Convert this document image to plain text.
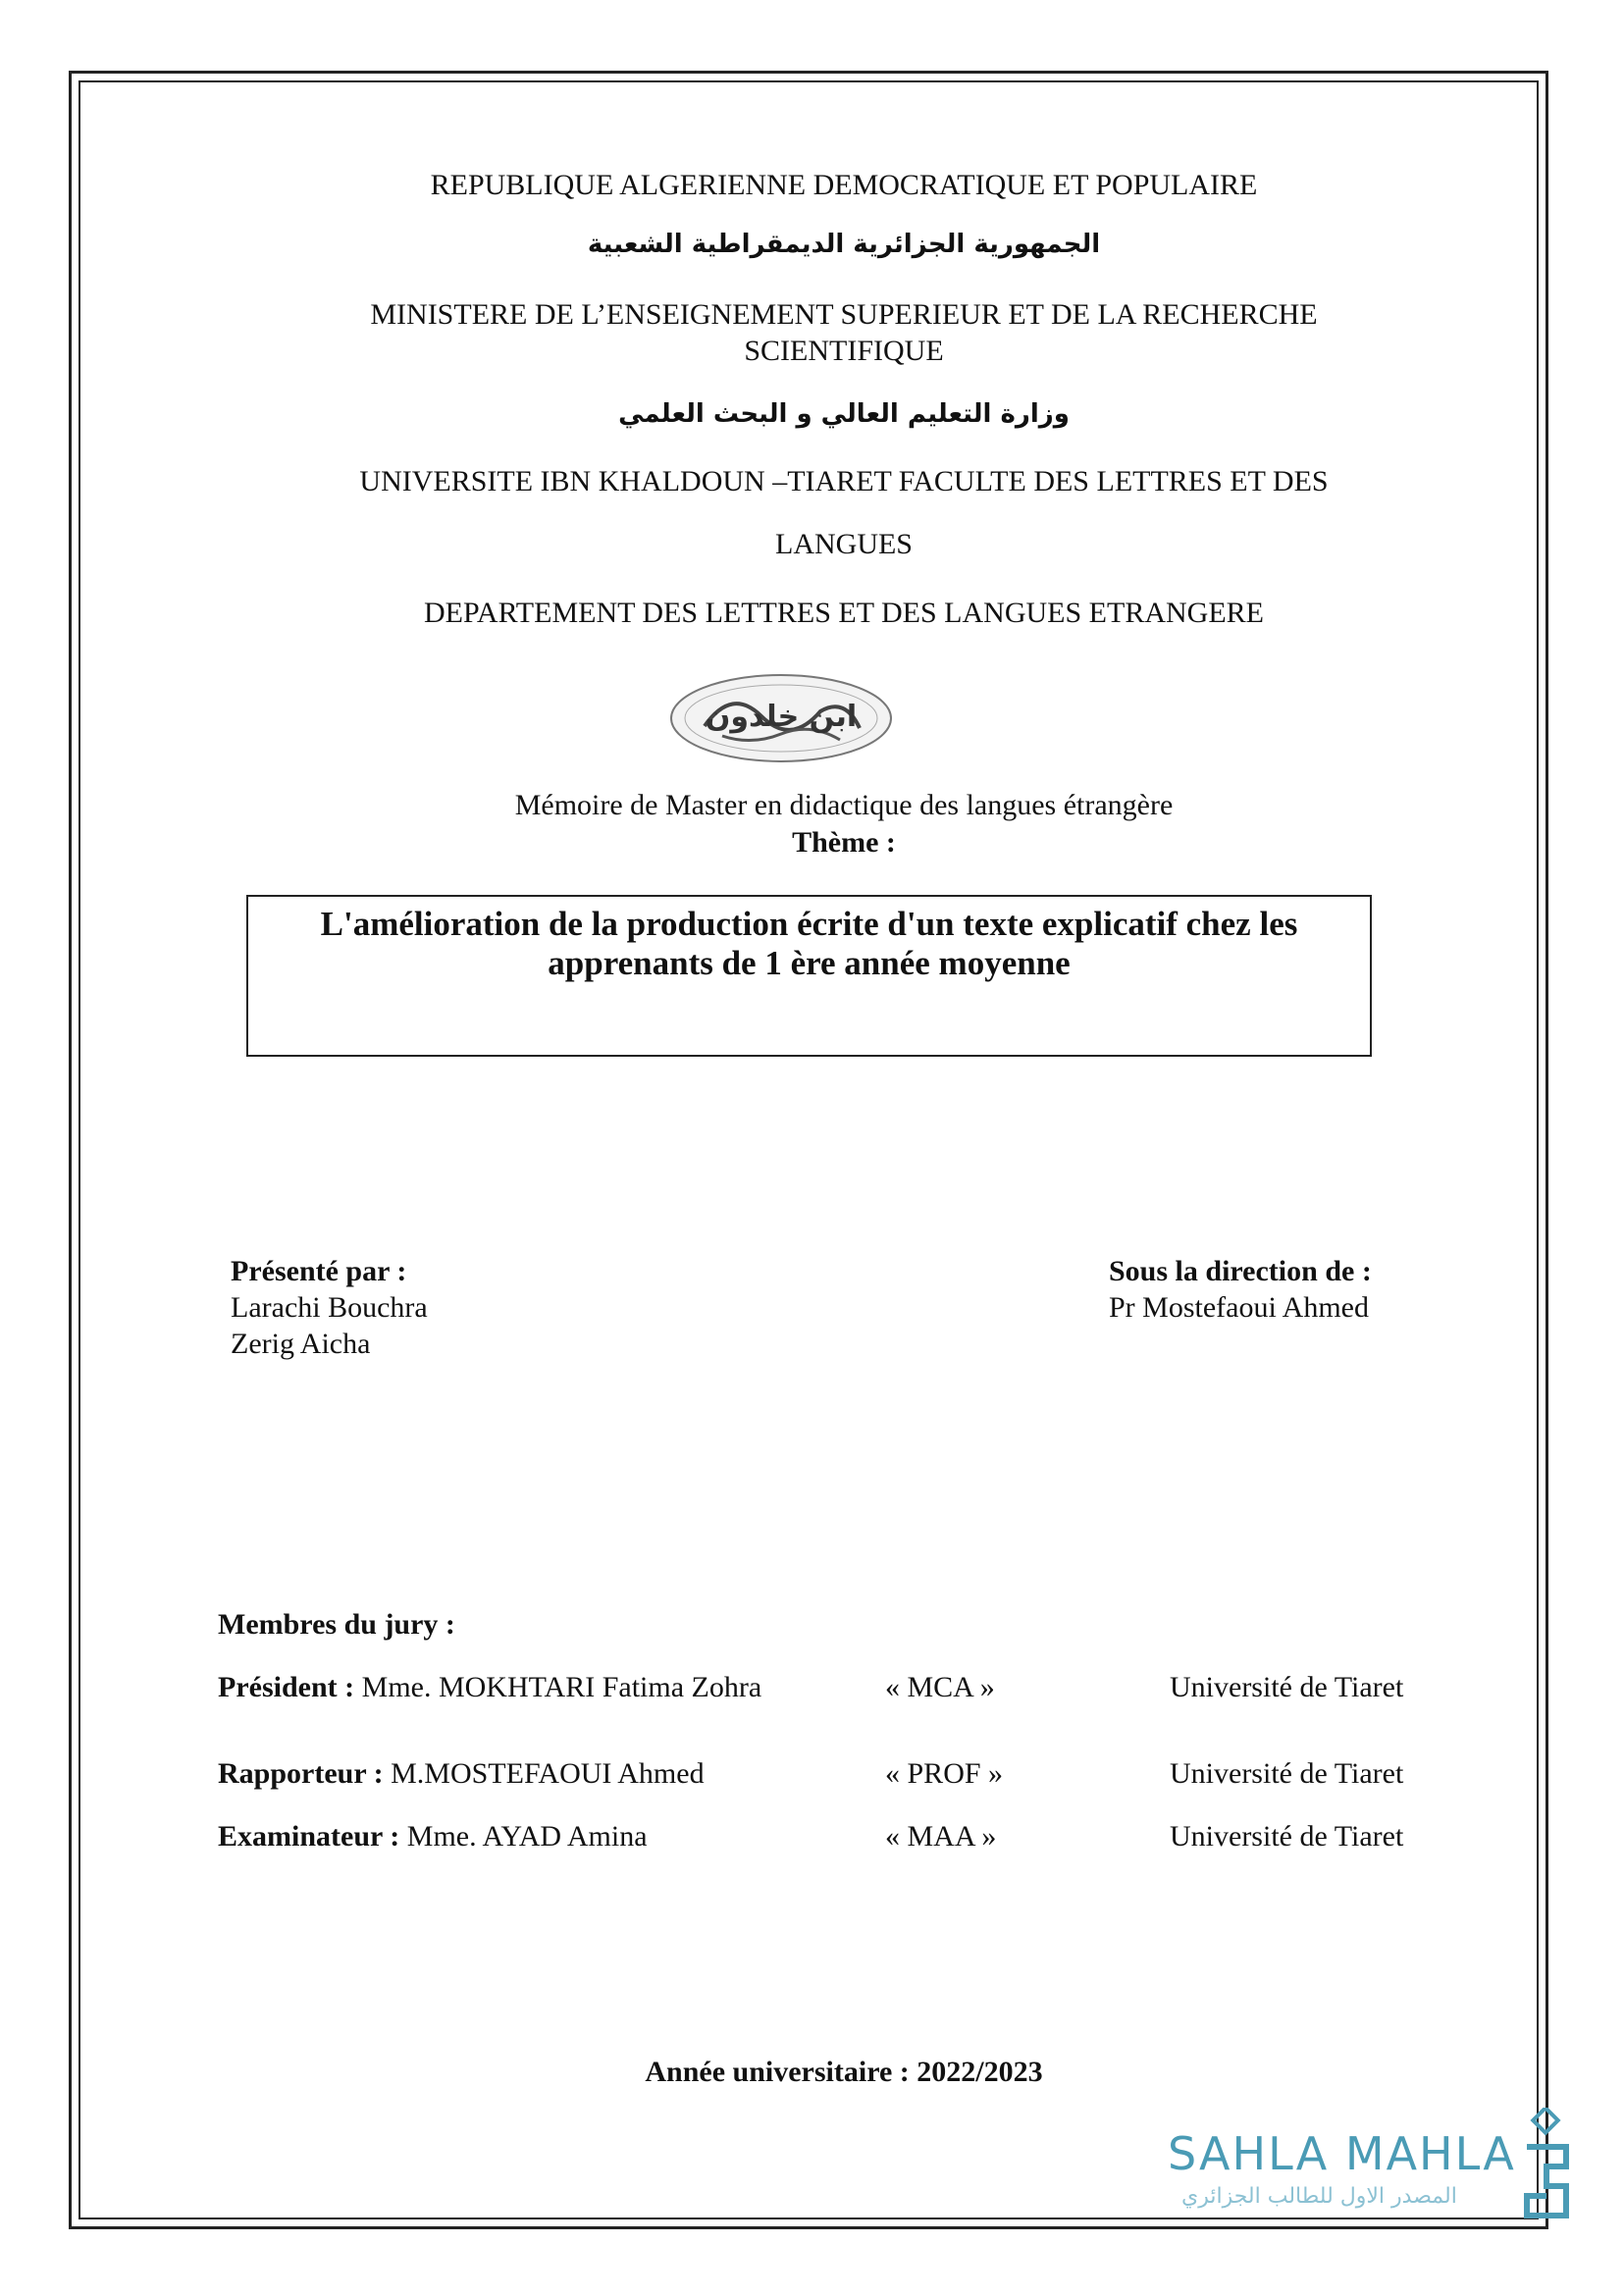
REPUBLIQUE ALGERIENNE DEMOCRATIQUE ET POPULAIRE
الجمهورية الجزائرية الديمقراطية الشعبية
MINISTERE DE L’ENSEIGNEMENT SUPERIEUR ET DE LA RECHERCHE
SCIENTIFIQUE
وزارة التعليم العالي و البحث العلمي
UNIVERSITE IBN KHALDOUN –TIARET FACULTE DES LETTRES ET DES
LANGUES
DEPARTEMENT DES LETTRES ET DES LANGUES ETRANGERE
ابن خلدون
Mémoire de Master en didactique des langues étrangère
Thème :
L'amélioration de la production écrite d'un texte explicatif chez les apprenants de 1 ère année moyenne
Présenté par :
Larachi Bouchra
Zerig Aicha
Sous la direction de :
Pr Mostefaoui Ahmed
Membres du jury :
Président : Mme. MOKHTARI Fatima Zohra	« MCA »	Université de Tiaret
Rapporteur : M.MOSTEFAOUI Ahmed	« PROF »	Université de Tiaret
Examinateur : Mme. AYAD Amina	« MAA »	Université de Tiaret
Année universitaire : 2022/2023
SAHLA MAHLA
المصدر الاول للطالب الجزائري
